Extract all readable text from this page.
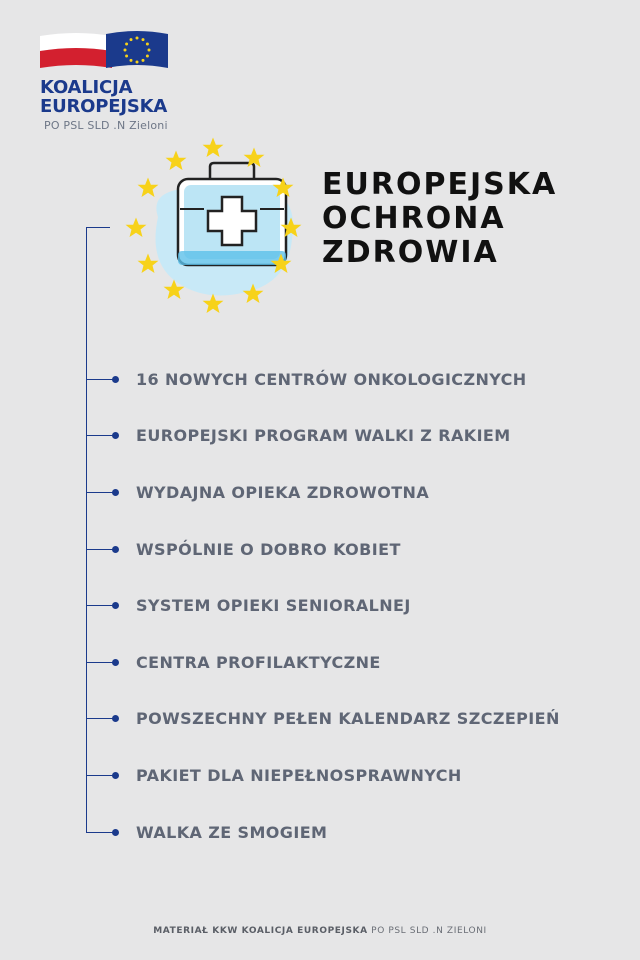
KOALICJA
EUROPEJSKA
PO PSL SLD .N Zieloni
EUROPEJSKA
OCHRONA
ZDROWIA
16 NOWYCH CENTRÓW ONKOLOGICZNYCH
EUROPEJSKI PROGRAM WALKI Z RAKIEM
WYDAJNA OPIEKA ZDROWOTNA
WSPÓLNIE O DOBRO KOBIET
SYSTEM OPIEKI SENIORALNEJ
CENTRA PROFILAKTYCZNE
POWSZECHNY PEŁEN KALENDARZ SZCZEPIEŃ
PAKIET DLA NIEPEŁNOSPRAWNYCH
WALKA ZE SMOGIEM
MATERIAŁ KKW KOALICJA EUROPEJSKA PO PSL SLD .N ZIELONI
